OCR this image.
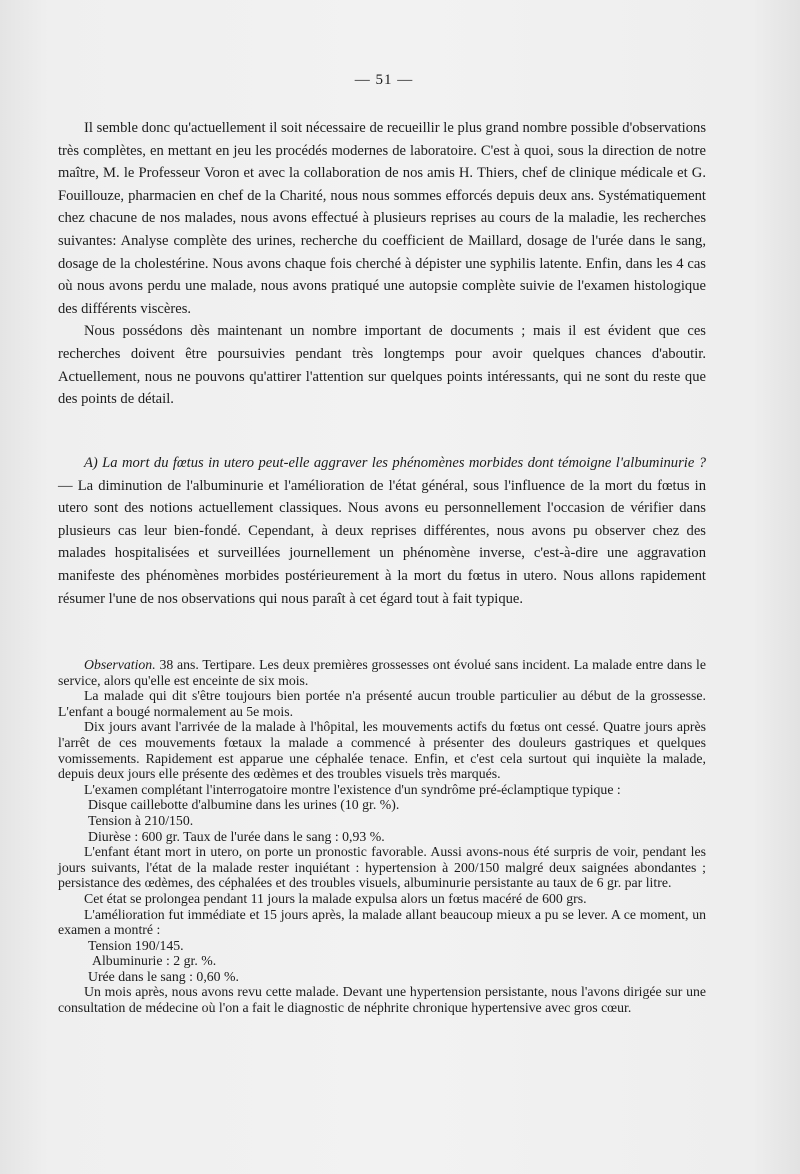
— 51 —

Il semble donc qu'actuellement il soit nécessaire de recueillir le plus grand nombre possible d'observations très complètes, en mettant en jeu les procédés modernes de laboratoire. C'est à quoi, sous la direction de notre maître, M. le Professeur Voron et avec la collaboration de nos amis H. Thiers, chef de clinique médicale et G. Fouillouze, pharmacien en chef de la Charité, nous nous sommes efforcés depuis deux ans. Systématiquement chez chacune de nos malades, nous avons effectué à plusieurs reprises au cours de la maladie, les recherches suivantes: Analyse complète des urines, recherche du coefficient de Maillard, dosage de l'urée dans le sang, dosage de la cholestérine. Nous avons chaque fois cherché à dépister une syphilis latente. Enfin, dans les 4 cas où nous avons perdu une malade, nous avons pratiqué une autopsie complète suivie de l'examen histologique des différents viscères.

Nous possédons dès maintenant un nombre important de documents ; mais il est évident que ces recherches doivent être poursuivies pendant très longtemps pour avoir quelques chances d'aboutir. Actuellement, nous ne pouvons qu'attirer l'attention sur quelques points intéressants, qui ne sont du reste que des points de détail.

A) La mort du fœtus in utero peut-elle aggraver les phénomènes morbides dont témoigne l'albuminurie ? — La diminution de l'albuminurie et l'amélioration de l'état général, sous l'influence de la mort du fœtus in utero sont des notions actuellement classiques. Nous avons eu personnellement l'occasion de vérifier dans plusieurs cas leur bien-fondé. Cependant, à deux reprises différentes, nous avons pu observer chez des malades hospitalisées et surveillées journellement un phénomène inverse, c'est-à-dire une aggravation manifeste des phénomènes morbides postérieurement à la mort du fœtus in utero. Nous allons rapidement résumer l'une de nos observations qui nous paraît à cet égard tout à fait typique.

Observation. 38 ans. Tertipare. Les deux premières grossesses ont évolué sans incident. La malade entre dans le service, alors qu'elle est enceinte de six mois.

La malade qui dit s'être toujours bien portée n'a présenté aucun trouble particulier au début de la grossesse. L'enfant a bougé normalement au 5e mois.

Dix jours avant l'arrivée de la malade à l'hôpital, les mouvements actifs du fœtus ont cessé. Quatre jours après l'arrêt de ces mouvements fœtaux la malade a commencé à présenter des douleurs gastriques et quelques vomissements. Rapidement est apparue une céphalée tenace. Enfin, et c'est cela surtout qui inquiète la malade, depuis deux jours elle présente des œdèmes et des troubles visuels très marqués.

L'examen complétant l'interrogatoire montre l'existence d'un syndrôme pré-éclamptique typique :

Disque caillebotte d'albumine dans les urines (10 gr. %).
Tension à 210/150.
Diurèse : 600 gr. Taux de l'urée dans le sang : 0,93 %.

L'enfant étant mort in utero, on porte un pronostic favorable. Aussi avons-nous été surpris de voir, pendant les jours suivants, l'état de la malade rester inquiétant : hypertension à 200/150 malgré deux saignées abondantes ; persistance des œdèmes, des céphalées et des troubles visuels, albuminurie persistante au taux de 6 gr. par litre.

Cet état se prolongea pendant 11 jours la malade expulsa alors un fœtus macéré de 600 grs.

L'amélioration fut immédiate et 15 jours après, la malade allant beaucoup mieux a pu se lever. A ce moment, un examen a montré :

Tension 190/145.
Albuminurie : 2 gr. %.
Urée dans le sang : 0,60 %.

Un mois après, nous avons revu cette malade. Devant une hypertension persistante, nous l'avons dirigée sur une consultation de médecine où l'on a fait le diagnostic de néphrite chronique hypertensive avec gros cœur.
